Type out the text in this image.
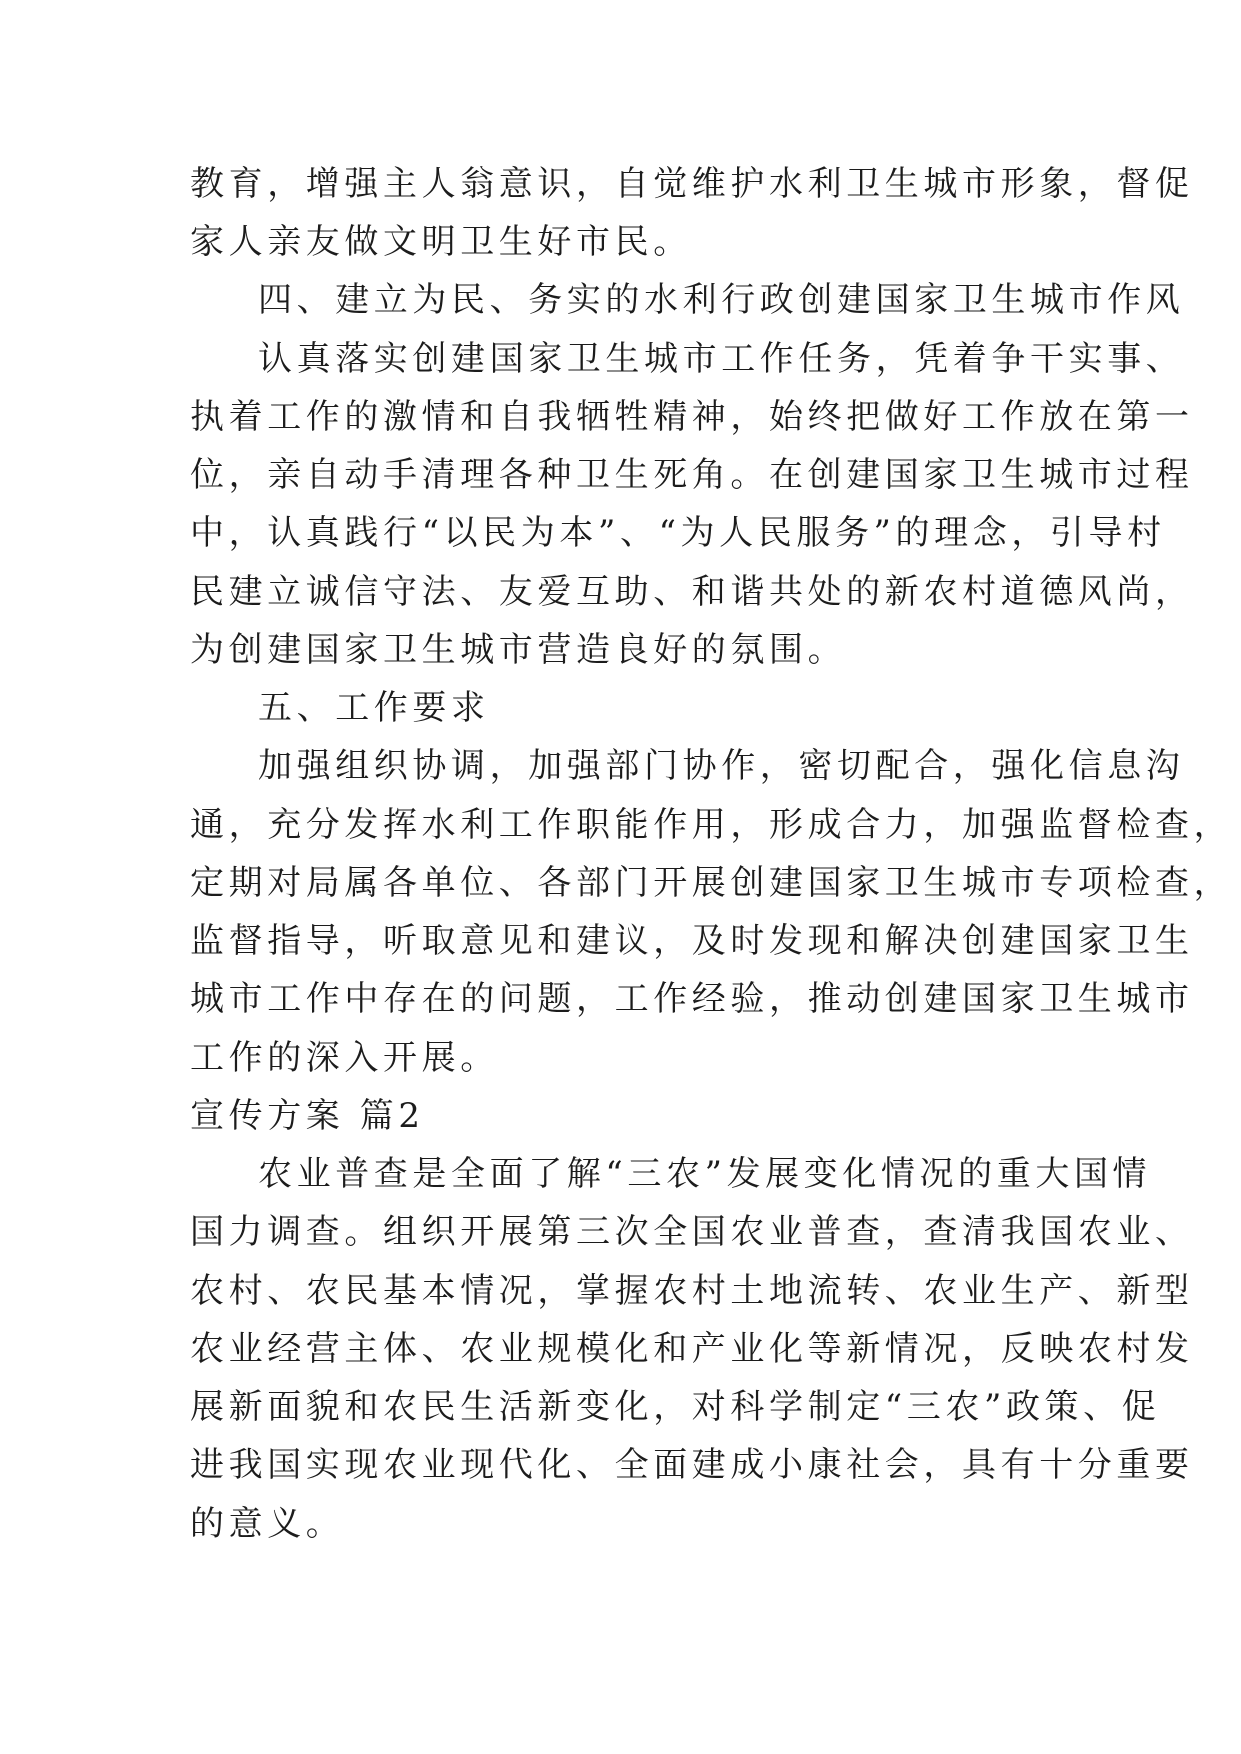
教育，增强主人翁意识，自觉维护水利卫生城市形象，督促

家人亲友做文明卫生好市民。

四、建立为民、务实的水利行政创建国家卫生城市作风

认真落实创建国家卫生城市工作任务，凭着争干实事、

执着工作的激情和自我牺牲精神，始终把做好工作放在第一

位，亲自动手清理各种卫生死角。在创建国家卫生城市过程

中，认真践行“以民为本”、“为人民服务”的理念，引导村

民建立诚信守法、友爱互助、和谐共处的新农村道德风尚，

为创建国家卫生城市营造良好的氛围。

五、工作要求

加强组织协调，加强部门协作，密切配合，强化信息沟

通，充分发挥水利工作职能作用，形成合力，加强监督检查，

定期对局属各单位、各部门开展创建国家卫生城市专项检查，

监督指导，听取意见和建议，及时发现和解决创建国家卫生

城市工作中存在的问题，工作经验，推动创建国家卫生城市

工作的深入开展。

宣传方案 篇2

农业普查是全面了解“三农”发展变化情况的重大国情

国力调查。组织开展第三次全国农业普查，查清我国农业、

农村、农民基本情况，掌握农村土地流转、农业生产、新型

农业经营主体、农业规模化和产业化等新情况，反映农村发

展新面貌和农民生活新变化，对科学制定“三农”政策、促

进我国实现农业现代化、全面建成小康社会，具有十分重要

的意义。
